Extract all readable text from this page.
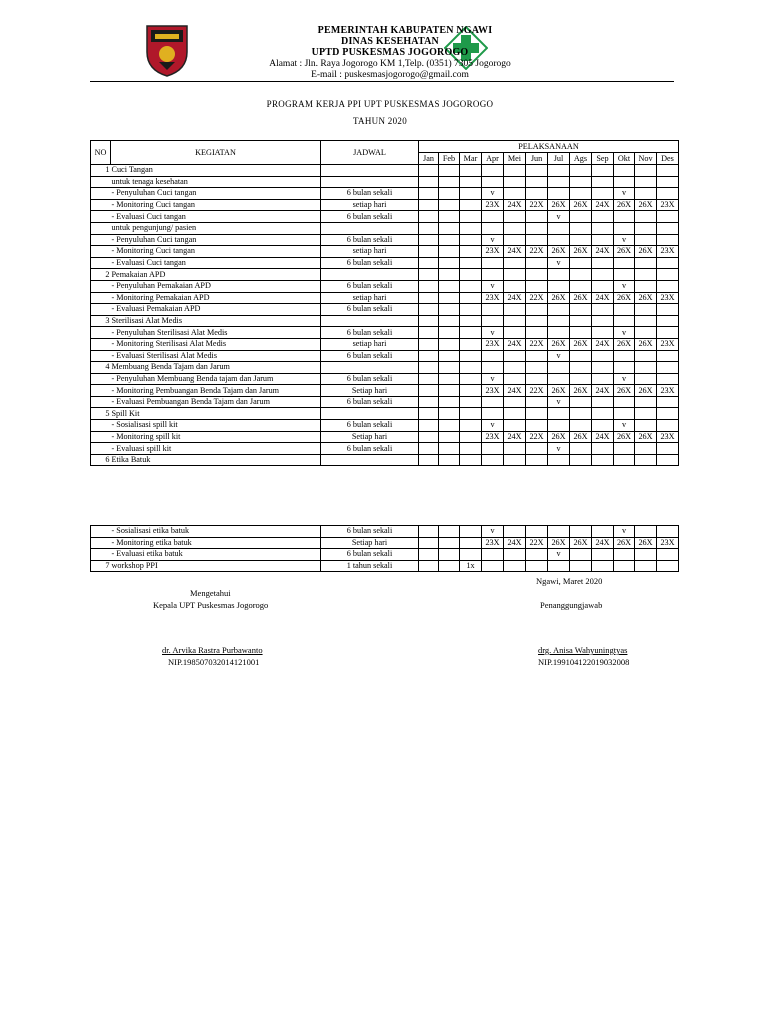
PEMERINTAH KABUPATEN NGAWI
DINAS KESEHATAN
UPTD PUSKESMAS JOGOROGO
Alamat : Jln. Raya Jogorogo KM 1,Telp. (0351) 7305 Jogorogo
E-mail : puskesmasjogorogo@gmail.com
PROGRAM KERJA PPI UPT PUSKESMAS JOGOROGO
TAHUN 2020
NO	KEGIATAN	JADWAL	PELAKSANAAN											
			Jan	Feb	Mar	Apr	Mei	Jun	Jul	Ags	Sep	Okt	Nov	Des
1	Cuci Tangan													
	untuk tenaga kesehatan													
	- Penyuluhan Cuci tangan	6 bulan sekali				v						v		
	- Monitoring Cuci tangan	setiap hari				23X	24X	22X	26X	26X	24X	26X	26X	23X
	- Evaluasi Cuci tangan	6 bulan sekali							v					
	untuk pengunjung/ pasien													
	- Penyuluhan Cuci tangan	6 bulan sekali				v						v		
	- Monitoring Cuci tangan	setiap hari				23X	24X	22X	26X	26X	24X	26X	26X	23X
	- Evaluasi Cuci tangan	6 bulan sekali							v					
2	Pemakaian APD													
	- Penyuluhan Pemakaian APD	6 bulan sekali				v						v		
	- Monitoring Pemakaian APD	setiap hari				23X	24X	22X	26X	26X	24X	26X	26X	23X
	- Evaluasi Pemakaian APD	6 bulan sekali												
3	Sterilisasi Alat Medis													
	- Penyuluhan Sterilisasi Alat Medis	6 bulan sekali				v						v		
	- Monitoring Sterilisasi Alat Medis	setiap hari				23X	24X	22X	26X	26X	24X	26X	26X	23X
	- Evaluasi Sterilisasi Alat Medis	6 bulan sekali							v					
4	Membuang Benda Tajam dan Jarum													
	- Penyuluhan Membuang Benda tajam dan Jarum	6 bulan sekali				v						v		
	- Monitoring Pembuangan Benda Tajam dan Jarum	Setiap hari				23X	24X	22X	26X	26X	24X	26X	26X	23X
	- Evaluasi Pembuangan Benda Tajam dan Jarum	6 bulan sekali							v					
5	Spill Kit													
	- Sosialisasi spill kit	6 bulan sekali				v						v		
	- Monitoring spill kit	Setiap hari				23X	24X	22X	26X	26X	24X	26X	26X	23X
	- Evaluasi spill kit	6 bulan sekali							v					
6	Etika Batuk													
	- Sosialisasi etika batuk	6 bulan sekali				v						v		
	- Monitoring etika batuk	Setiap hari				23X	24X	22X	26X	26X	24X	26X	26X	23X
	- Evaluasi etika batuk	6 bulan sekali							v					
7	workshop PPI	1 tahun sekali			1x									
Ngawi, Maret 2020
Mengetahui
Kepala UPT Puskesmas Jogorogo	Penanggungjawab
dr. Arvika Rastra Purbawanto
NIP.198507032014121001
drg. Anisa Wahyuningtyas
NIP.199104122019032008
